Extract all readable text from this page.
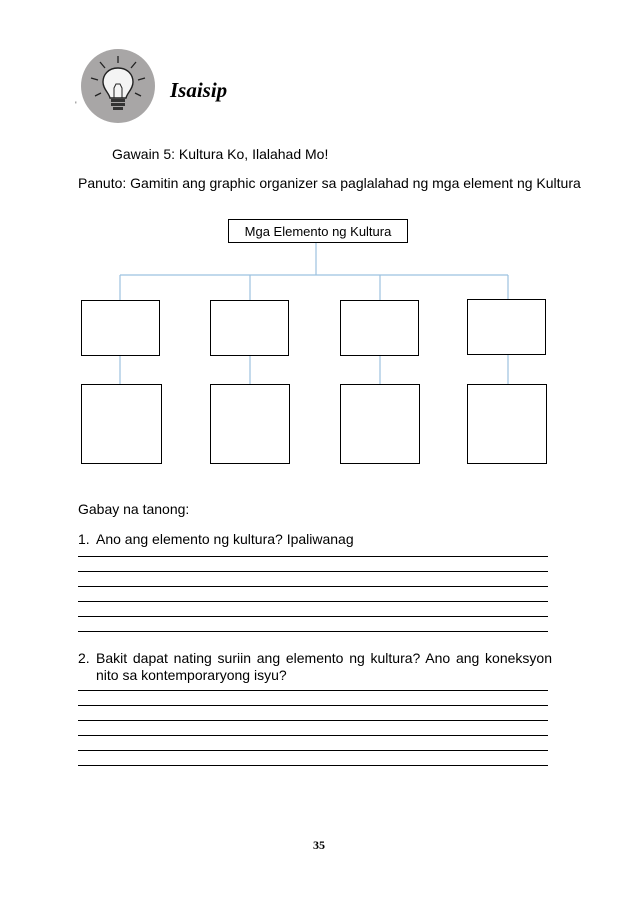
'
Isaisip
Gawain 5: Kultura Ko, Ilalahad Mo!
Panuto: Gamitin ang graphic organizer sa paglalahad ng mga element ng Kultura
Mga Elemento ng Kultura
Gabay na tanong:
1. Ano ang elemento ng kultura? Ipaliwanag
2. Bakit dapat nating suriin ang elemento ng kultura? Ano ang koneksyon nito sa kontemporaryong isyu?
35
